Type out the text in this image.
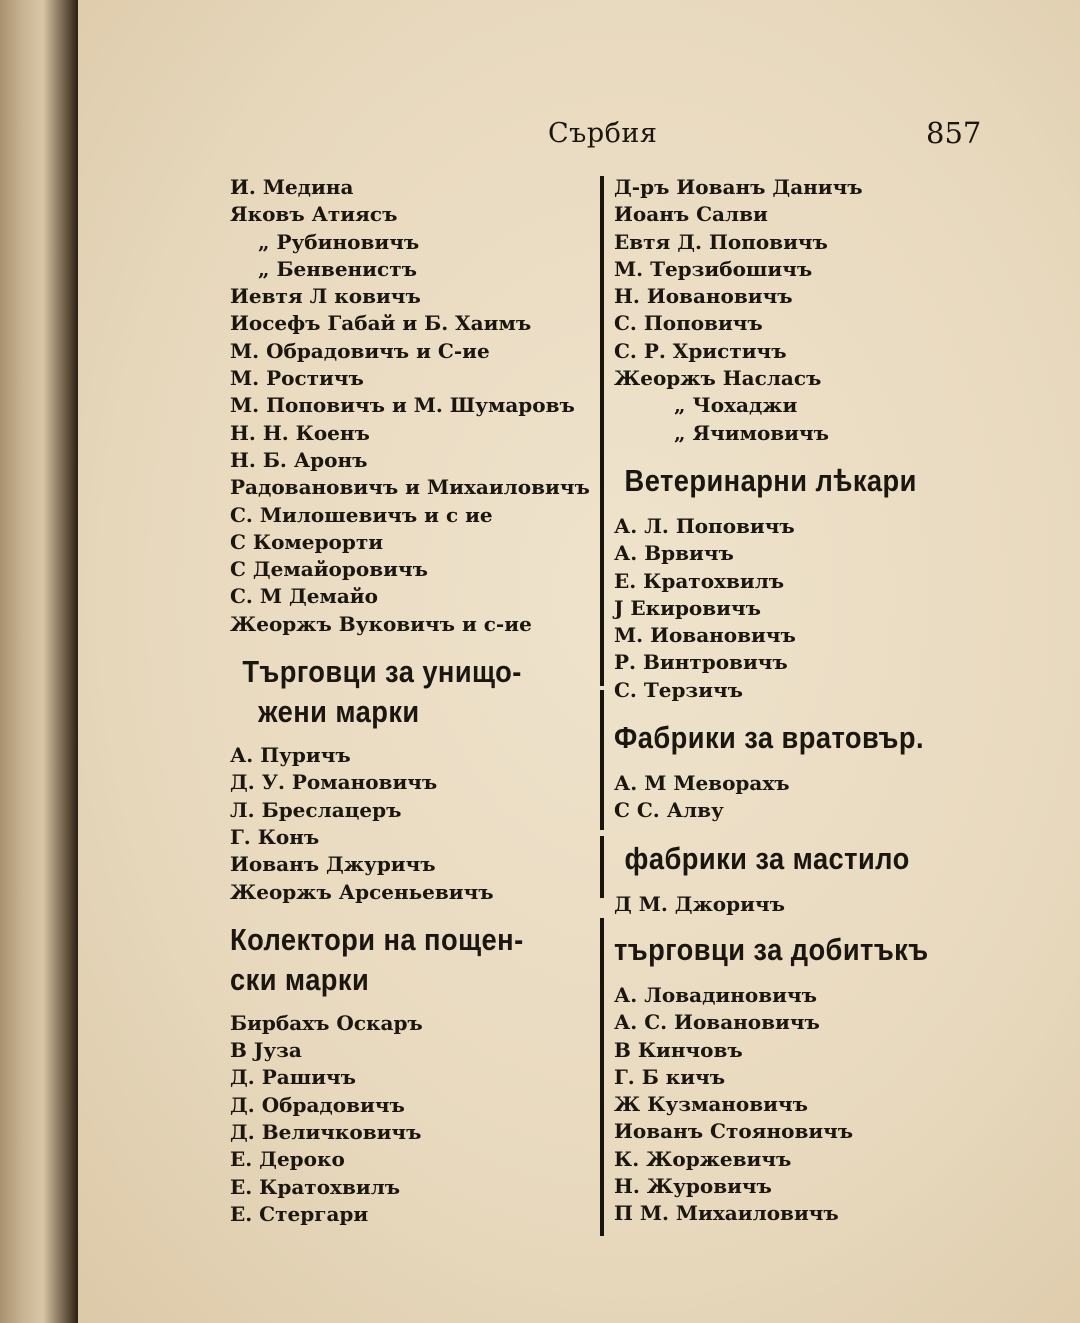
Сърбия	857
И. Медина
Яковъ Атиясъ
„ Рубиновичъ
„ Бенвенистъ
Иевтя Л ковичъ
Иосефъ Габай и Б. Хаимъ
М. Обрадовичъ и С-ие
М. Ростичъ
М. Поповичъ и М. Шумаровъ
Н. Н. Коенъ
Н. Б. Аронъ
Радовановичъ и Михаиловичъ
С. Милошевичъ и с ие
С Комерорти
С Демайоровичъ
С. М Демайо
Жеоржъ Вуковичъ и с-ие
Търговци за унищо-
жени марки
А. Пуричъ
Д. У. Романовичъ
Л. Бреслацеръ
Г. Конъ
Иованъ Джуричъ
Жеоржъ Арсеньевичъ
Колектори на пощен-
ски марки
Бирбахъ Оскаръ
В Јуза
Д. Рашичъ
Д. Обрадовичъ
Д. Величковичъ
Е. Дероко
Е. Кратохвилъ
Е. Стергари
Д-ръ Иованъ Даничъ
Иоанъ Салви
Евтя Д. Поповичъ
М. Терзибошичъ
Н. Иовановичъ
С. Поповичъ
С. Р. Христичъ
Жеоржъ Насласъ
„ Чохаджи
„ Ячимовичъ
Ветеринарни лѣкари
А. Л. Поповичъ
А. Врвичъ
Е. Кратохвилъ
Ј Екировичъ
М. Иовановичъ
Р. Винтровичъ
С. Терзичъ
Фабрики за вратовър.
А. М Меворахъ
С С. Алву
фабрики за мастило
Д М. Джоричъ
търговци за добитъкъ
А. Ловадиновичъ
А. С. Иовановичъ
В Кинчовъ
Г. Б кичъ
Ж Кузмановичъ
Иованъ Стояновичъ
К. Жоржевичъ
Н. Журовичъ
П М. Михаиловичъ
